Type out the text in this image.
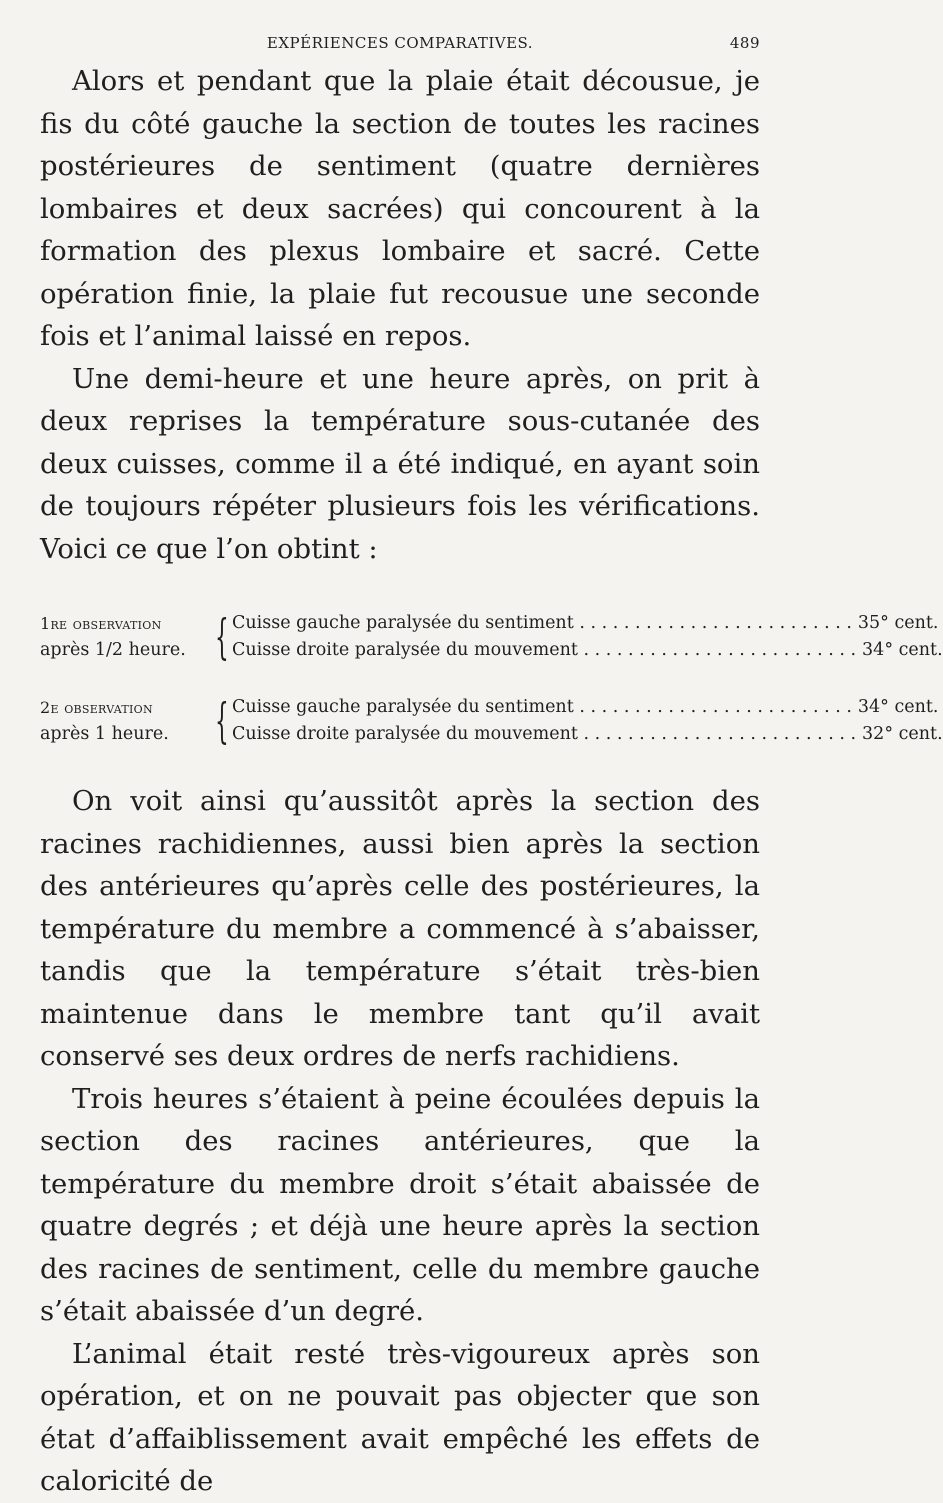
EXPÉRIENCES COMPARATIVES.	489

Alors et pendant que la plaie était décousue, je fis du côté gauche la section de toutes les racines postérieures de sentiment (quatre dernières lombaires et deux sacrées) qui concourent à la formation des plexus lombaire et sacré. Cette opération finie, la plaie fut recousue une seconde fois et l’animal laissé en repos.

Une demi-heure et une heure après, on prit à deux reprises la température sous-cutanée des deux cuisses, comme il a été indiqué, en ayant soin de toujours répéter plusieurs fois les vérifications. Voici ce que l’on obtint :

1re observation
après 1/2 heure. { Cuisse gauche paralysée du sentiment . . .	35° cent.
Cuisse droite paralysée du mouvement . . .	34° cent.
2e observation
après 1 heure. { Cuisse gauche paralysée du sentiment . . .	34° cent.
Cuisse droite paralysée du mouvement . . .	32° cent.

On voit ainsi qu’aussitôt après la section des racines rachidiennes, aussi bien après la section des antérieures qu’après celle des postérieures, la température du membre a commencé à s’abaisser, tandis que la température s’était très-bien maintenue dans le membre tant qu’il avait conservé ses deux ordres de nerfs rachidiens.

Trois heures s’étaient à peine écoulées depuis la section des racines antérieures, que la température du membre droit s’était abaissée de quatre degrés ; et déjà une heure après la section des racines de sentiment, celle du membre gauche s’était abaissée d’un degré.

L’animal était resté très-vigoureux après son opération, et on ne pouvait pas objecter que son état d’affaiblissement avait empêché les effets de caloricité de
